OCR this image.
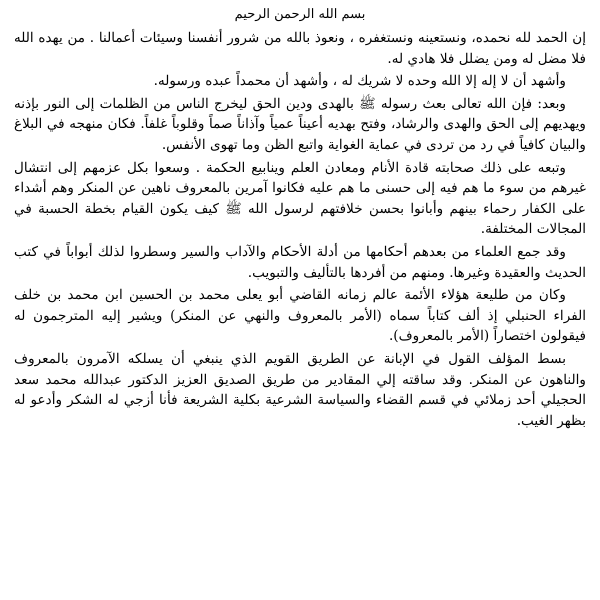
بسم الله الرحمن الرحيم

إن الحمد لله نحمده، ونستعينه ونستغفره ، ونعوذ بالله من شرور أنفسنا وسيئات أعمالنا . من يهده الله فلا مضل له ومن يضلل فلا هادي له.

وأشهد أن لا إله إلا الله وحده لا شريك له ، وأشهد أن محمداً عبده ورسوله.

وبعد: فإن الله تعالى بعث رسوله ﷺ بالهدى ودين الحق ليخرج الناس من الظلمات إلى النور بإذنه ويهديهم إلى الحق والهدى والرشاد، وفتح بهديه أعيناً عمياً وآذاناً صماً وقلوباً غلفاً. فكان منهجه في البلاغ والبيان كافياً في رد من تردى في عماية الغواية واتبع الظن وما تهوى الأنفس.

وتبعه على ذلك صحابته قادة الأنام ومعادن العلم وينابيع الحكمة . وسعوا بكل عزمهم إلى انتشال غيرهم من سوء ما هم فيه إلى حسنى ما هم عليه فكانوا آمرين بالمعروف ناهين عن المنكر وهم أشداء على الكفار رحماء بينهم وأبانوا بحسن خلافتهم لرسول الله ﷺ كيف يكون القيام بخطة الحسبة في المجالات المختلفة.

وقد جمع العلماء من بعدهم أحكامها من أدلة الأحكام والآداب والسير وسطروا لذلك أبواباً في كتب الحديث والعقيدة وغيرها. ومنهم من أفردها بالتأليف والتبويب.

وكان من طليعة هؤلاء الأئمة عالم زمانه القاضي أبو يعلى محمد بن الحسين ابن محمد بن خلف الفراء الحنبلي إذ ألف كتاباً سماه (الأمر بالمعروف والنهي عن المنكر) ويشير إليه المترجمون له فيقولون اختصاراً (الأمر بالمعروف).

بسط المؤلف القول في الإبانة عن الطريق القويم الذي ينبغي أن يسلكه الآمرون بالمعروف والناهون عن المنكر. وقد ساقته إلي المقادير من طريق الصديق العزيز الدكتور عبدالله محمد سعد الحجيلي أحد زملائي في قسم القضاء والسياسة الشرعية بكلية الشريعة فأنا أزجي له الشكر وأدعو له بظهر الغيب.
